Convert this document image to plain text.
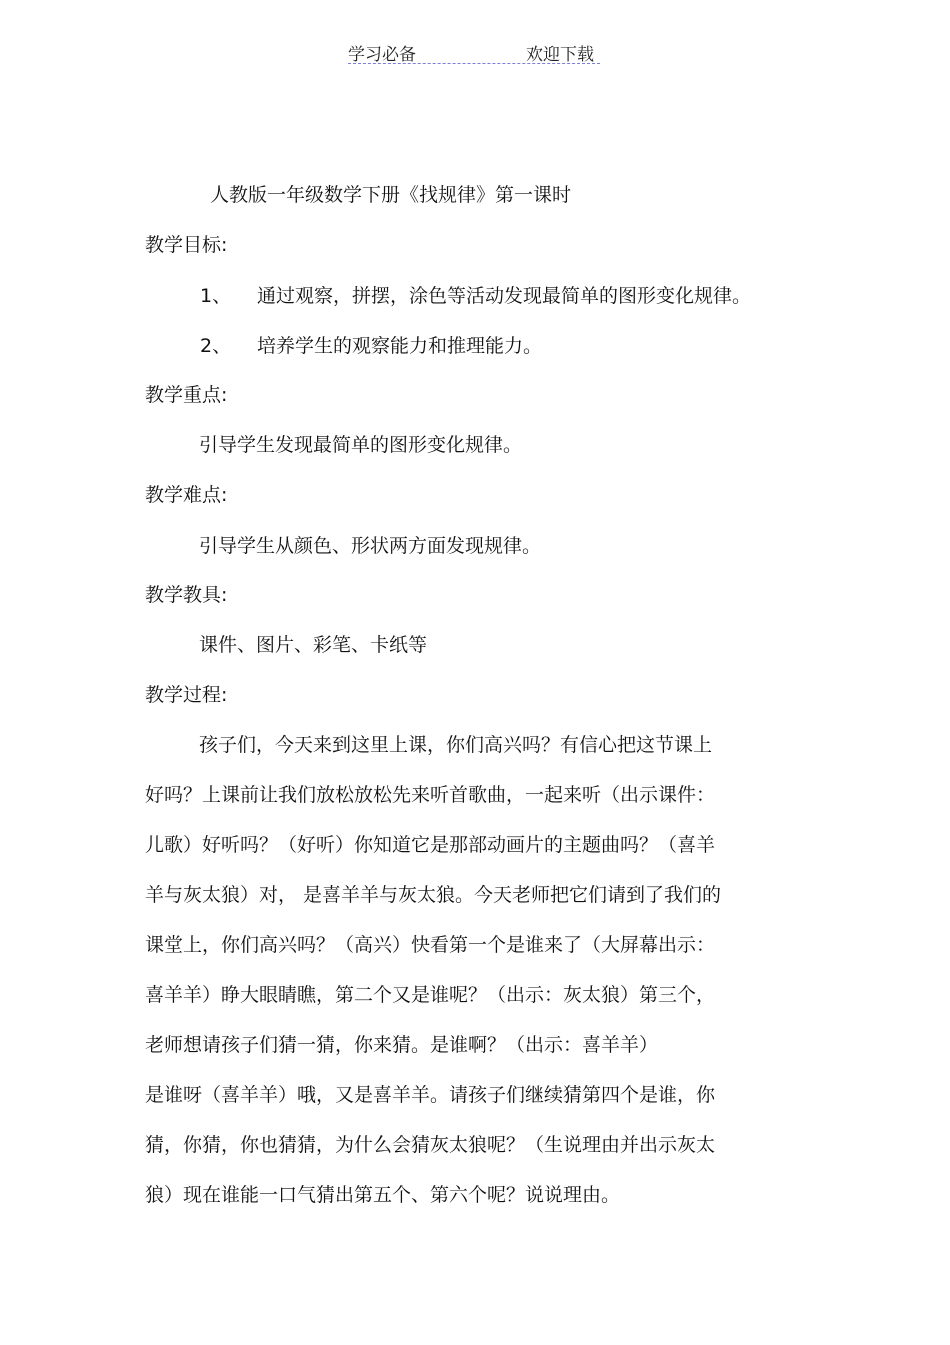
学习必备	欢迎下载
人教版一年级数学下册《找规律》第一课时
教学目标:
1、 通过观察，拼摆，涂色等活动发现最简单的图形变化规律。
2、 培养学生的观察能力和推理能力。
教学重点:
引导学生发现最简单的图形变化规律。
教学难点:
引导学生从颜色、形状两方面发现规律。
教学教具:
课件、图片、彩笔、卡纸等
教学过程:
孩子们，今天来到这里上课，你们高兴吗？有信心把这节课上
好吗？上课前让我们放松放松先来听首歌曲，一起来听（出示课件：
儿歌）好听吗？（好听）你知道它是那部动画片的主题曲吗？（喜羊
羊与灰太狼）对， 是喜羊羊与灰太狼。今天老师把它们请到了我们的
课堂上，你们高兴吗？（高兴）快看第一个是谁来了（大屏幕出示：
喜羊羊）睁大眼睛瞧，第二个又是谁呢？（出示：灰太狼）第三个，
老师想请孩子们猜一猜，你来猜。是谁啊？（出示：喜羊羊）
是谁呀（喜羊羊）哦，又是喜羊羊。请孩子们继续猜第四个是谁，你
猜，你猜，你也猜猜，为什么会猜灰太狼呢？（生说理由并出示灰太
狼）现在谁能一口气猜出第五个、第六个呢？说说理由。
